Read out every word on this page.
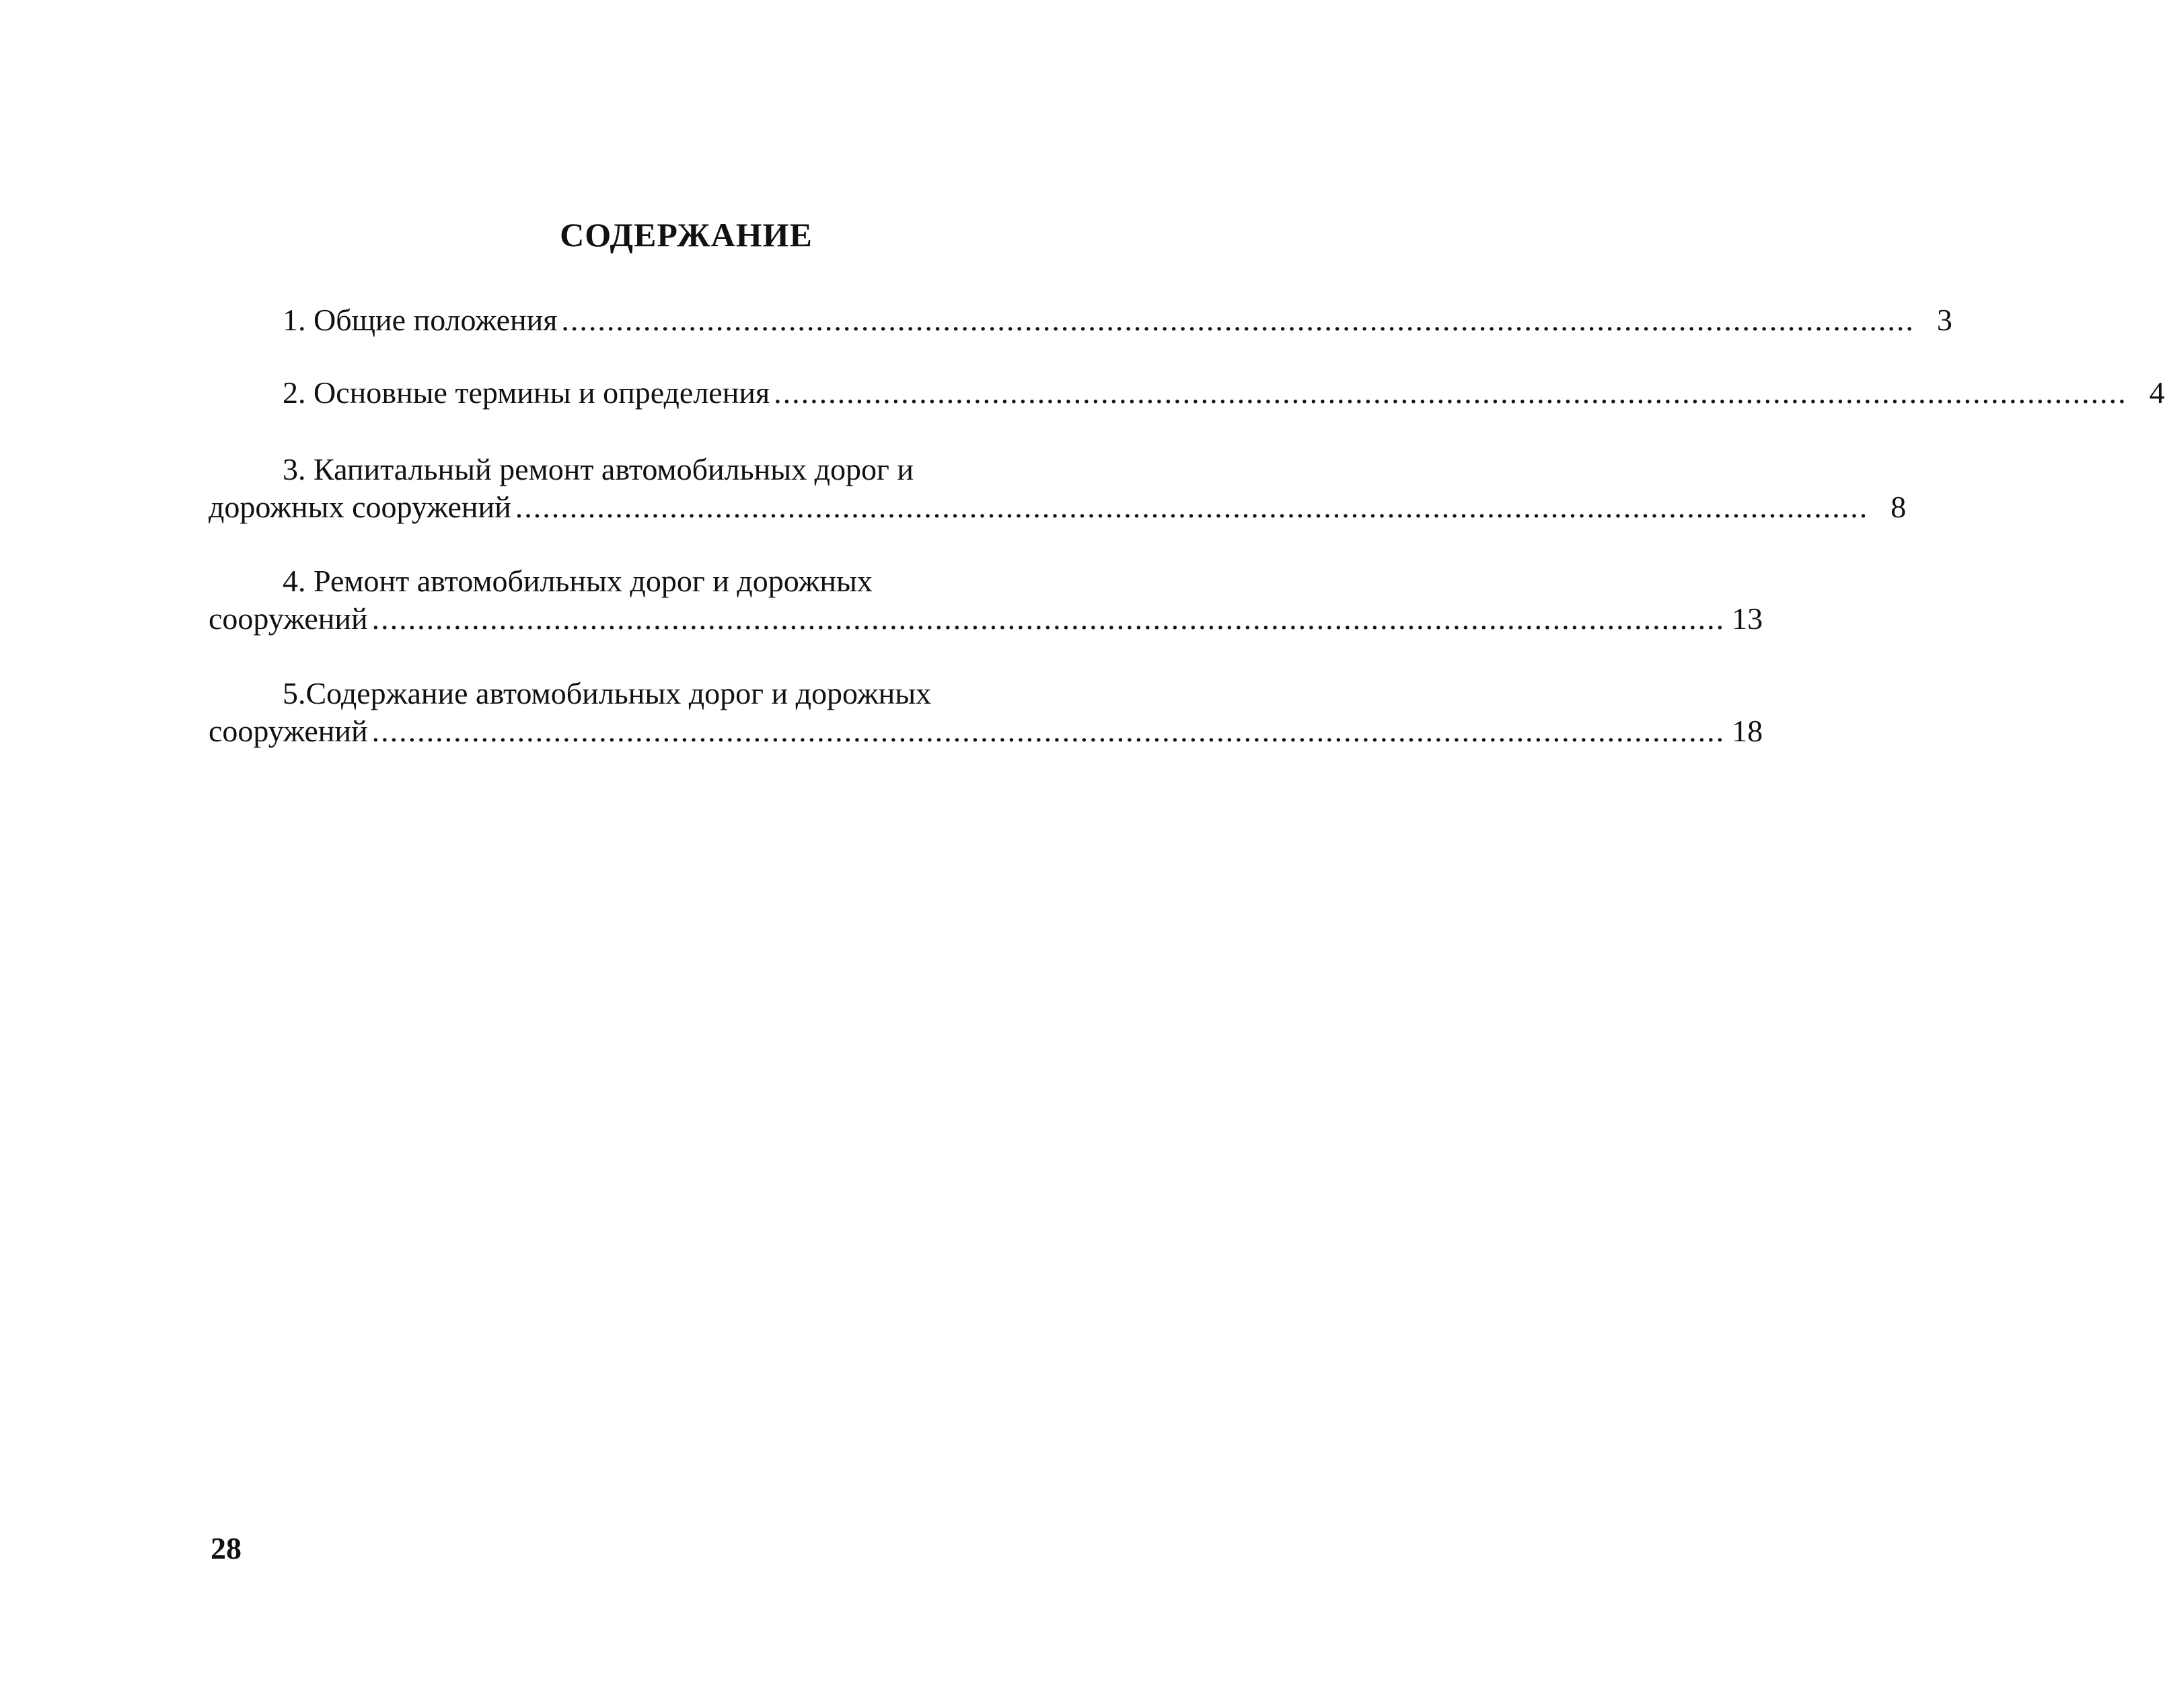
СОДЕРЖАНИЕ
1. Общие положения ..................................................................................................................................................... 3
2. Основные термины и определения ..................................................................................................................................................... 4
3. Капитальный ремонт автомобильных дорог и
дорожных сооружений ..................................................................................................................................................... 8
4. Ремонт автомобильных дорог и дорожных
сооружений ..................................................................................................................................................... 13
5.Содержание автомобильных дорог и дорожных
сооружений ..................................................................................................................................................... 18
28
